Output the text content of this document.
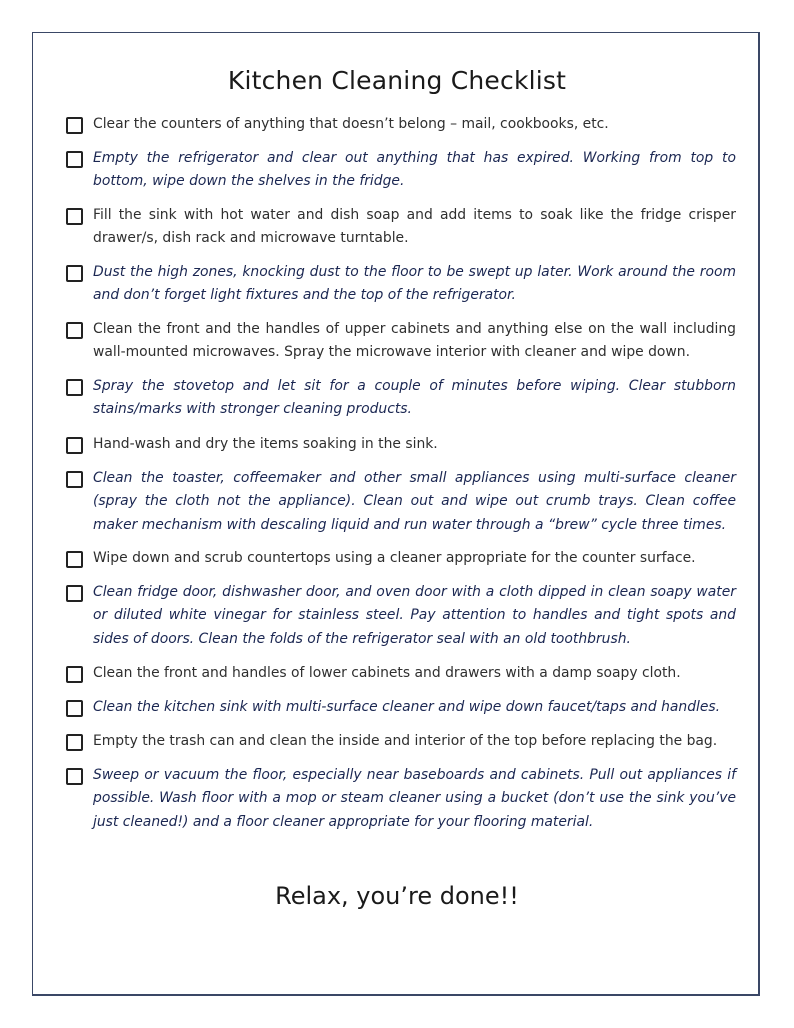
Kitchen Cleaning Checklist
Clear the counters of anything that doesn’t belong – mail, cookbooks, etc.
Empty the refrigerator and clear out anything that has expired. Working from top to bottom, wipe down the shelves in the fridge.
Fill the sink with hot water and dish soap and add items to soak like the fridge crisper drawer/s, dish rack and microwave turntable.
Dust the high zones, knocking dust to the floor to be swept up later. Work around the room and don’t forget light fixtures and the top of the refrigerator.
Clean the front and the handles of upper cabinets and anything else on the wall including wall-mounted microwaves. Spray the microwave interior with cleaner and wipe down.
Spray the stovetop and let sit for a couple of minutes before wiping. Clear stubborn stains/marks with stronger cleaning products.
Hand-wash and dry the items soaking in the sink.
Clean the toaster, coffeemaker and other small appliances using multi-surface cleaner (spray the cloth not the appliance). Clean out and wipe out crumb trays. Clean coffee maker mechanism with descaling liquid and run water through a “brew” cycle three times.
Wipe down and scrub countertops using a cleaner appropriate for the counter surface.
Clean fridge door, dishwasher door, and oven door with a cloth dipped in clean soapy water or diluted white vinegar for stainless steel. Pay attention to handles and tight spots and sides of doors. Clean the folds of the refrigerator seal with an old toothbrush.
Clean the front and handles of lower cabinets and drawers with a damp soapy cloth.
Clean the kitchen sink with multi-surface cleaner and wipe down faucet/taps and handles.
Empty the trash can and clean the inside and interior of the top before replacing the bag.
Sweep or vacuum the floor, especially near baseboards and cabinets. Pull out appliances if possible. Wash floor with a mop or steam cleaner using a bucket (don’t use the sink you’ve just cleaned!) and a floor cleaner appropriate for your flooring material.
Relax, you’re done!!
